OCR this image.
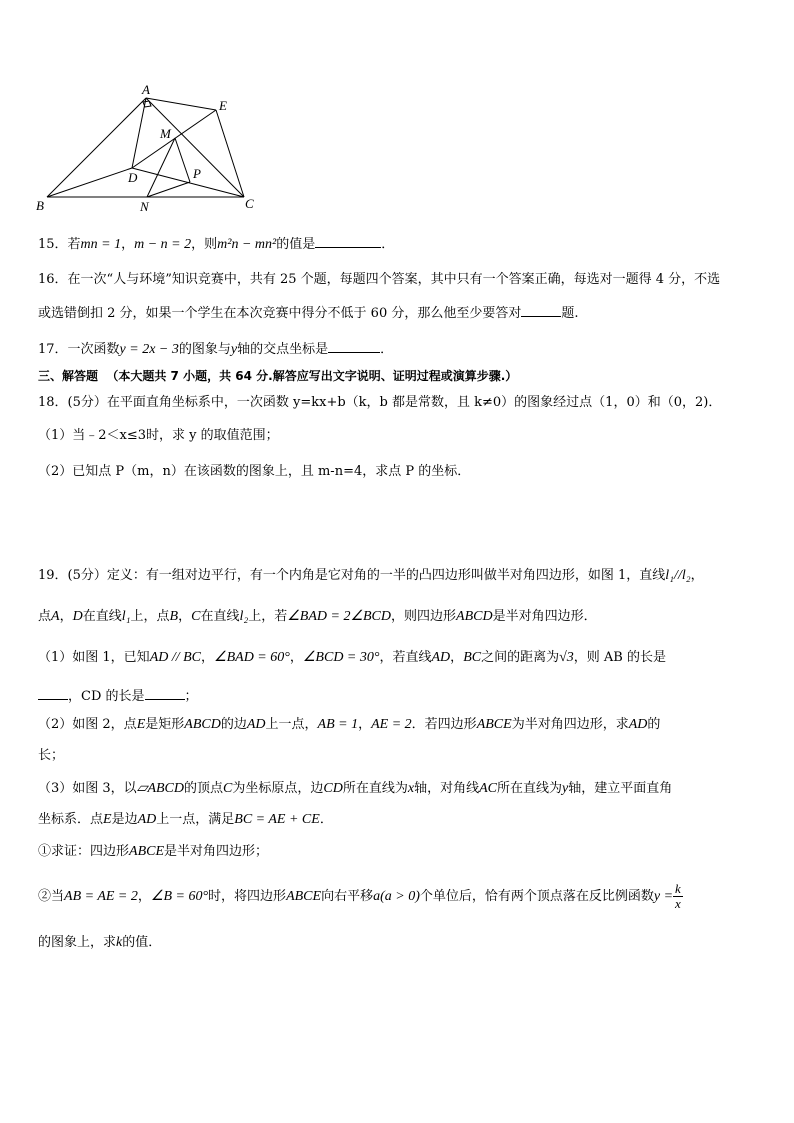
A
E
M
D	P
B	N	C
15．若mn = 1，m − n = 2，则m²n − mn²的值是	．
16．在一次“人与环境”知识竞赛中，共有 25 个题，每题四个答案，其中只有一个答案正确，每选对一题得 4 分，不选
或选错倒扣 2 分，如果一个学生在本次竞赛中得分不低于 60 分，那么他至少要答对	题.
17．一次函数y = 2x − 3的图象与y轴的交点坐标是	．
三、解答题 （本大题共 7 小题，共 64 分.解答应写出文字说明、证明过程或演算步骤.）
18．(5分）在平面直角坐标系中，一次函数 y=kx+b（k，b 都是常数，且 k≠0）的图象经过点（1，0）和（0，2)．
（1）当﹣2＜x≤3时，求 y 的取值范围；
（2）已知点 P（m，n）在该函数的图象上，且 m-n=4，求点 P 的坐标．
19．(5分）定义：有一组对边平行，有一个内角是它对角的一半的凸四边形叫做半对角四边形，如图 1，直线l₁//l₂，
点A，D在直线l₁上，点B，C在直线l₂上，若∠BAD = 2∠BCD，则四边形ABCD是半对角四边形．
（1）如图 1，已知AD // BC，∠BAD = 60°，∠BCD = 30°，若直线AD，BC之间的距离为√3，则 AB 的长是
，CD 的长是	；
（2）如图 2，点E是矩形ABCD的边AD上一点，AB = 1，AE = 2．若四边形ABCE为半对角四边形，求AD的
长；
（3）如图 3，以▱ABCD的顶点C为坐标原点，边CD所在直线为x轴，对角线AC所在直线为y轴，建立平面直角
坐标系．点E是边AD上一点，满足BC = AE + CE．
①求证：四边形ABCE是半对角四边形；
②当AB = AE = 2，∠B = 60°时，将四边形ABCE向右平移a(a > 0)个单位后，恰有两个顶点落在反比例函数$y = \frac{k}{x}$
的图象上，求k的值．
